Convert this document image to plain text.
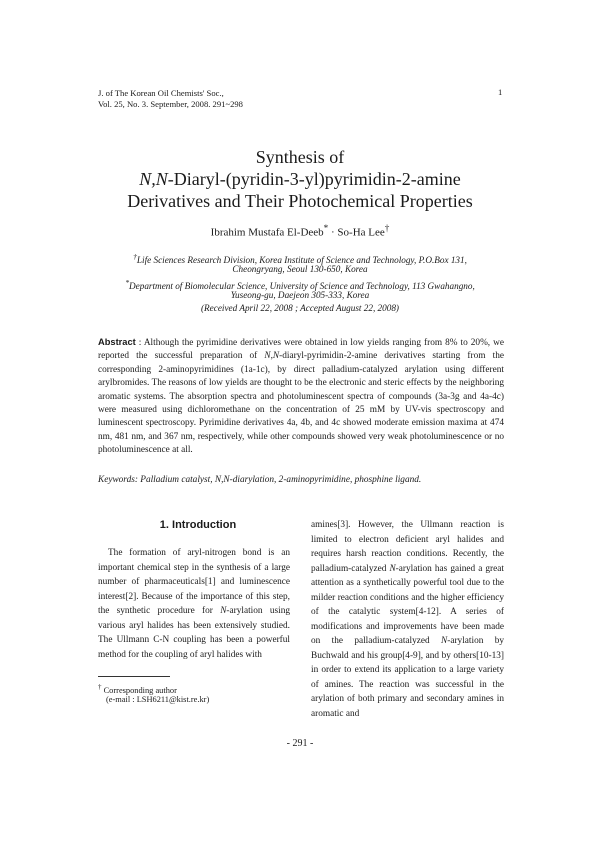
J. of The Korean Oil Chemists' Soc.,
Vol. 25, No. 3. September, 2008. 291~298
1
Synthesis of
N,N-Diaryl-(pyridin-3-yl)pyrimidin-2-amine
Derivatives and Their Photochemical Properties
Ibrahim Mustafa El-Deeb* · So-Ha Lee†
†Life Sciences Research Division, Korea Institute of Science and Technology, P.O.Box 131,
Cheongryang, Seoul 130-650, Korea
*Department of Biomolecular Science, University of Science and Technology, 113 Gwahangno,
Yuseong-gu, Daejeon 305-333, Korea
(Received April 22, 2008 ; Accepted August 22, 2008)
Abstract : Although the pyrimidine derivatives were obtained in low yields ranging from 8% to 20%, we reported the successful preparation of N,N-diaryl-pyrimidin-2-amine derivatives starting from the corresponding 2-aminopyrimidines (1a-1c), by direct palladium-catalyzed arylation using different arylbromides. The reasons of low yields are thought to be the electronic and steric effects by the neighboring aromatic systems. The absorption spectra and photoluminescent spectra of compounds (3a-3g and 4a-4c) were measured using dichloromethane on the concentration of 25 mM by UV-vis spectroscopy and luminescent spectroscopy. Pyrimidine derivatives 4a, 4b, and 4c showed moderate emission maxima at 474 nm, 481 nm, and 367 nm, respectively, while other compounds showed very weak photoluminescence or no photoluminescence at all.
Keywords: Palladium catalyst, N,N-diarylation, 2-aminopyrimidine, phosphine ligand.
1. Introduction
The formation of aryl-nitrogen bond is an important chemical step in the synthesis of a large number of pharmaceuticals[1] and luminescence interest[2]. Because of the importance of this step, the synthetic procedure for N-arylation using various aryl halides has been extensively studied. The Ullmann C-N coupling has been a powerful method for the coupling of aryl halides with
amines[3]. However, the Ullmann reaction is limited to electron deficient aryl halides and requires harsh reaction conditions. Recently, the palladium-catalyzed N-arylation has gained a great attention as a synthetically powerful tool due to the milder reaction conditions and the higher efficiency of the catalytic system[4-12]. A series of modifications and improvements have been made on the palladium-catalyzed N-arylation by Buchwald and his group[4-9], and by others[10-13] in order to extend its application to a large variety of amines. The reaction was successful in the arylation of both primary and secondary amines in aromatic and
† Corresponding author
(e-mail : LSH6211@kist.re.kr)
- 291 -
